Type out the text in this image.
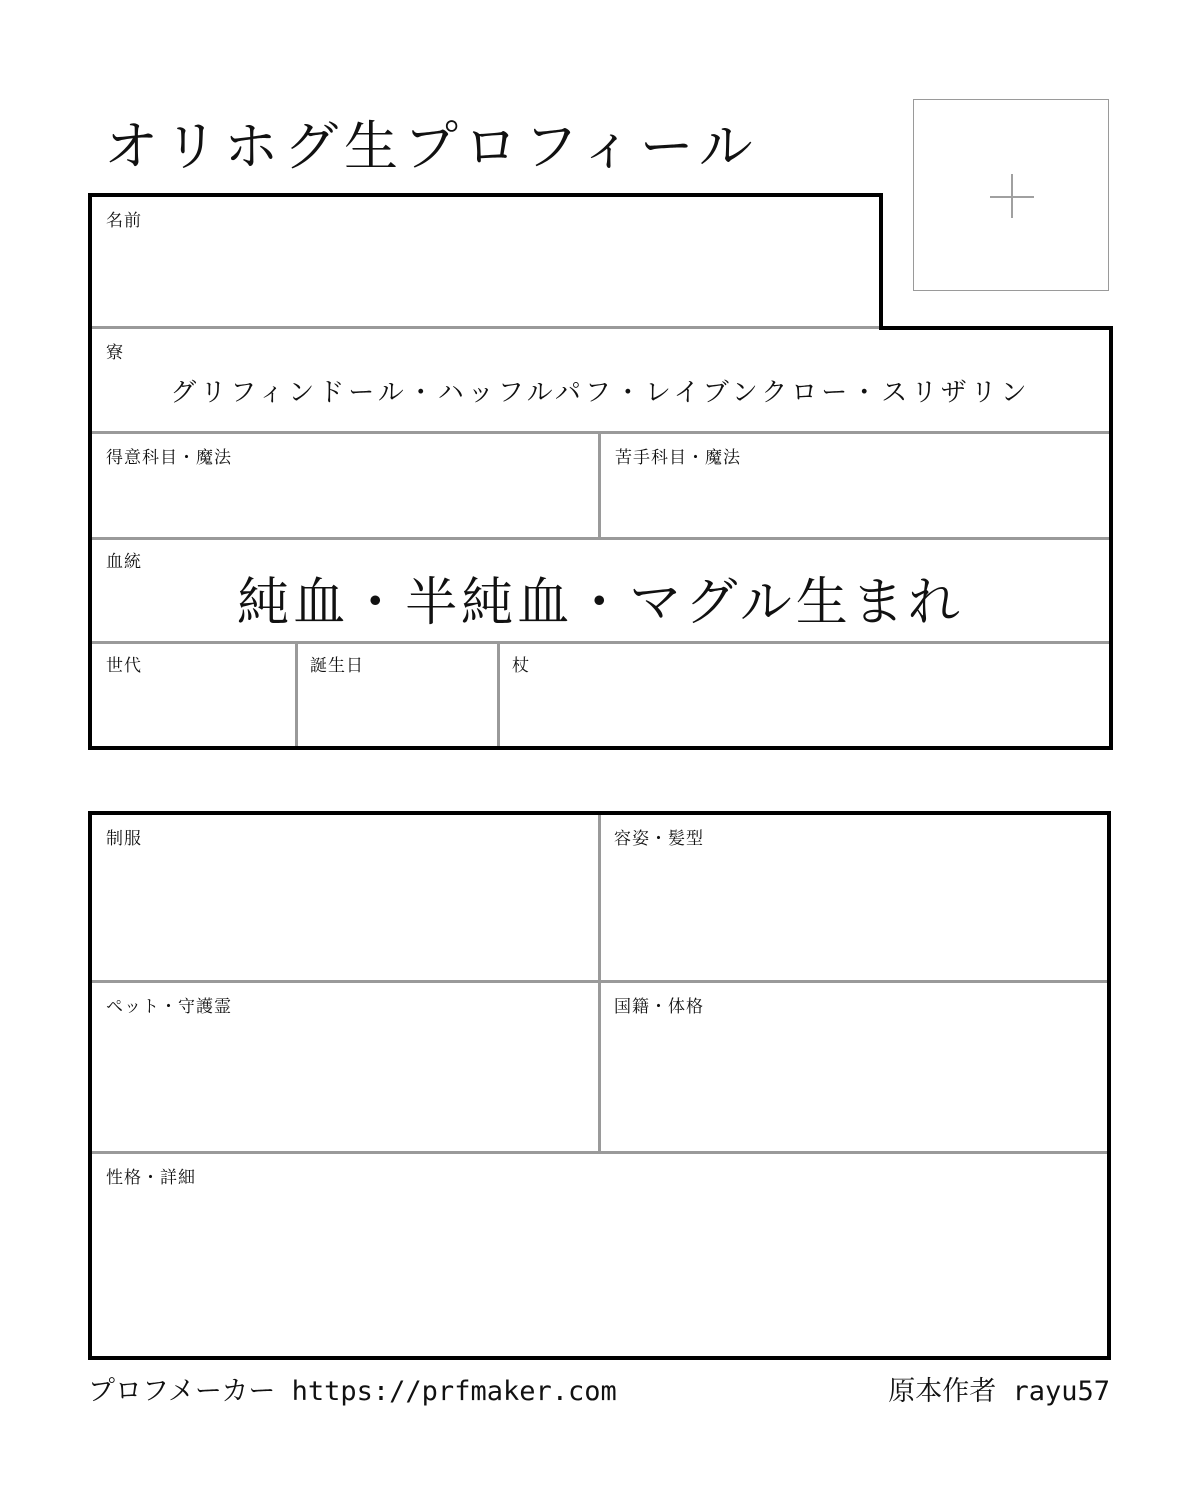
オリホグ生プロフィール
名前
寮
グリフィンドール・ハッフルパフ・レイブンクロー・スリザリン
得意科目・魔法	苦手科目・魔法
血統
純血・半純血・マグル生まれ
世代	誕生日	杖
制服	容姿・髪型
ペット・守護霊	国籍・体格
性格・詳細
プロフメーカー https://prfmaker.com	原本作者 rayu57
